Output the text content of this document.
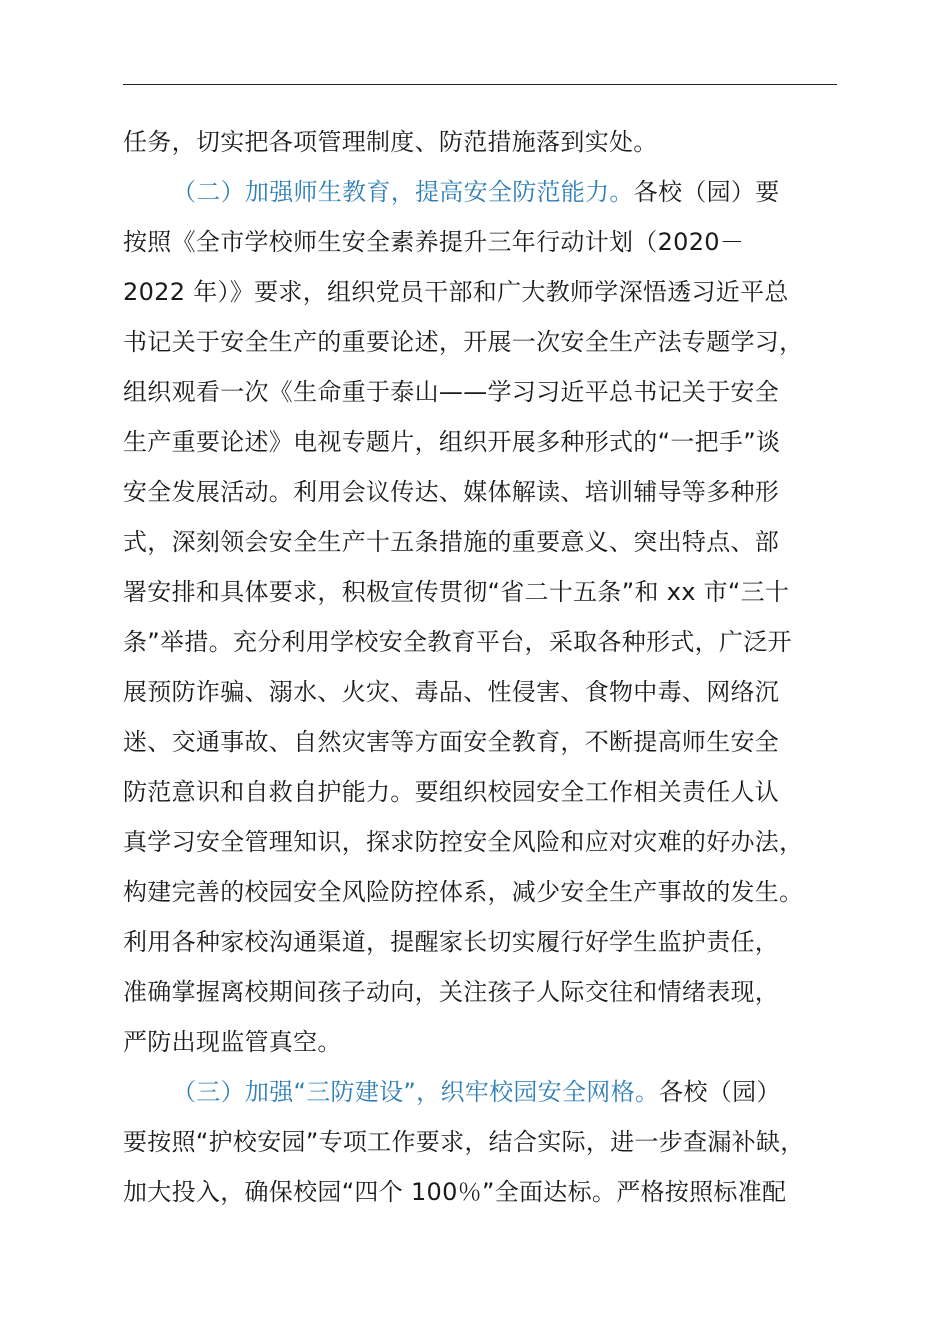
任务，切实把各项管理制度、防范措施落到实处。
（二）加强师生教育，提高安全防范能力。各校（园）要
按照《全市学校师生安全素养提升三年行动计划（2020－
2022 年）》要求，组织党员干部和广大教师学深悟透习近平总
书记关于安全生产的重要论述，开展一次安全生产法专题学习，
组织观看一次《生命重于泰山——学习习近平总书记关于安全
生产重要论述》电视专题片，组织开展多种形式的“一把手”谈
安全发展活动。利用会议传达、媒体解读、培训辅导等多种形
式，深刻领会安全生产十五条措施的重要意义、突出特点、部
署安排和具体要求，积极宣传贯彻“省二十五条”和 xx 市“三十
条”举措。充分利用学校安全教育平台，采取各种形式，广泛开
展预防诈骗、溺水、火灾、毒品、性侵害、食物中毒、网络沉
迷、交通事故、自然灾害等方面安全教育，不断提高师生安全
防范意识和自救自护能力。要组织校园安全工作相关责任人认
真学习安全管理知识，探求防控安全风险和应对灾难的好办法，
构建完善的校园安全风险防控体系，减少安全生产事故的发生。
利用各种家校沟通渠道，提醒家长切实履行好学生监护责任，
准确掌握离校期间孩子动向，关注孩子人际交往和情绪表现，
严防出现监管真空。
（三）加强“三防建设”，织牢校园安全网格。各校（园）
要按照“护校安园”专项工作要求，结合实际，进一步查漏补缺，
加大投入，确保校园“四个 100％”全面达标。严格按照标准配
